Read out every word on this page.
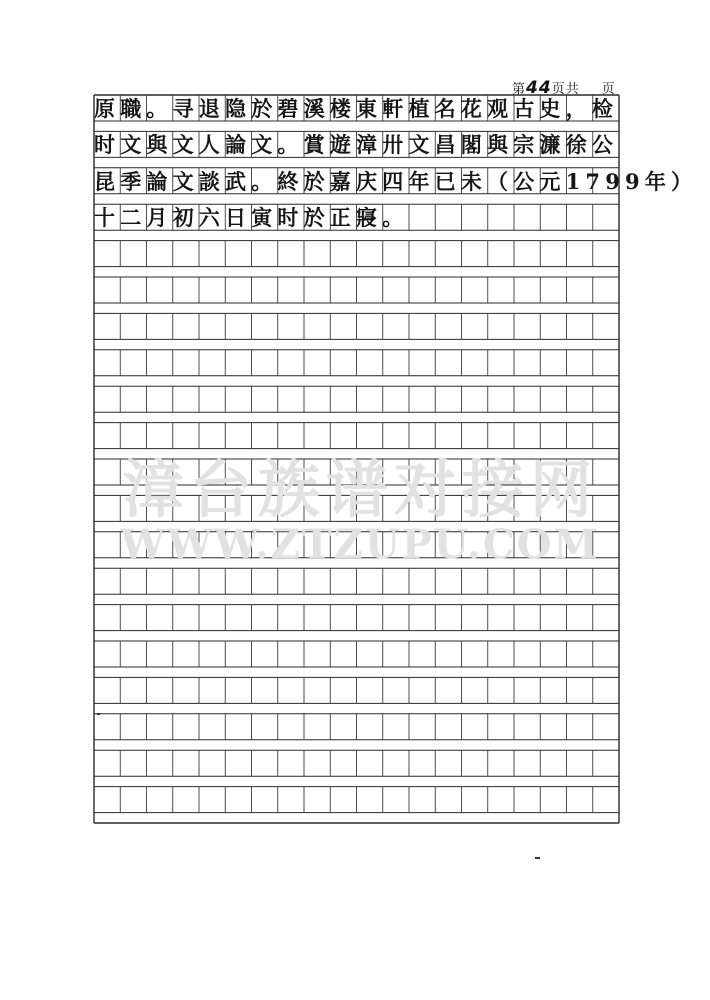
第44页共 页
漳台族谱对接网
WWW.ZTZUPU.COM
原職。寻退隐於碧溪楼東軒植名花观古史，检
时文與文人論文。賞遊漳卅文昌閣與宗濂徐公
昆季論文談武。終於嘉庆四年已未（公元1799年）
十二月初六日寅时於正寢。
